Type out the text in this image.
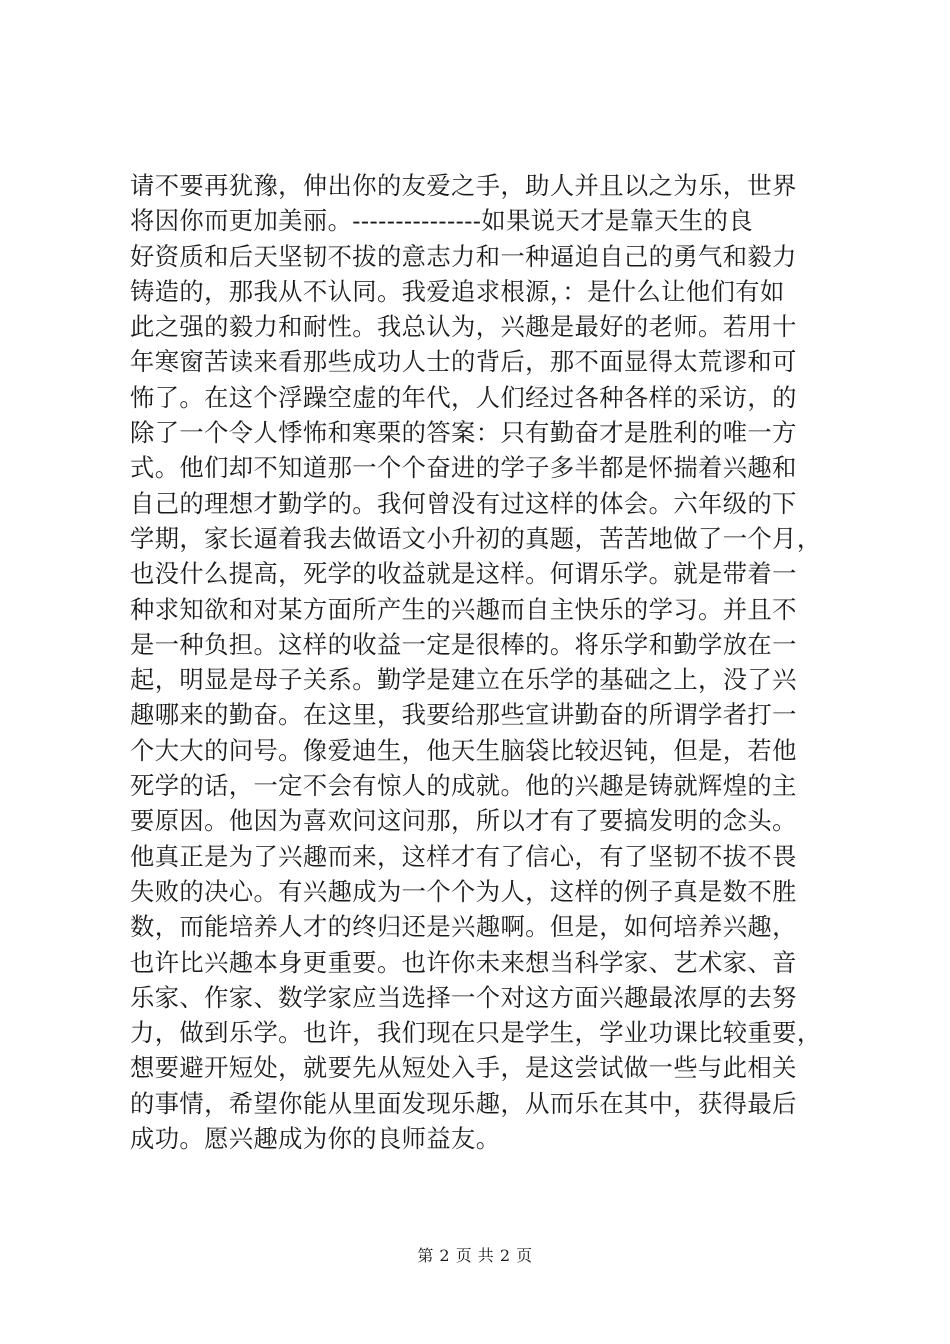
请不要再犹豫，伸出你的友爱之手，助人并且以之为乐，世界
将因你而更加美丽。---------------如果说天才是靠天生的良
好资质和后天坚韧不拔的意志力和一种逼迫自己的勇气和毅力
铸造的，那我从不认同。我爱追求根源，：是什么让他们有如
此之强的毅力和耐性。我总认为，兴趣是最好的老师。若用十
年寒窗苦读来看那些成功人士的背后，那不面显得太荒谬和可
怖了。在这个浮躁空虚的年代，人们经过各种各样的采访，的
除了一个令人悸怖和寒栗的答案：只有勤奋才是胜利的唯一方
式。他们却不知道那一个个奋进的学子多半都是怀揣着兴趣和
自己的理想才勤学的。我何曾没有过这样的体会。六年级的下
学期，家长逼着我去做语文小升初的真题，苦苦地做了一个月，
也没什么提高，死学的收益就是这样。何谓乐学。就是带着一
种求知欲和对某方面所产生的兴趣而自主快乐的学习。并且不
是一种负担。这样的收益一定是很棒的。将乐学和勤学放在一
起，明显是母子关系。勤学是建立在乐学的基础之上，没了兴
趣哪来的勤奋。在这里，我要给那些宣讲勤奋的所谓学者打一
个大大的问号。像爱迪生，他天生脑袋比较迟钝，但是，若他
死学的话，一定不会有惊人的成就。他的兴趣是铸就辉煌的主
要原因。他因为喜欢问这问那，所以才有了要搞发明的念头。
他真正是为了兴趣而来，这样才有了信心，有了坚韧不拔不畏
失败的决心。有兴趣成为一个个为人，这样的例子真是数不胜
数，而能培养人才的终归还是兴趣啊。但是，如何培养兴趣，
也许比兴趣本身更重要。也许你未来想当科学家、艺术家、音
乐家、作家、数学家应当选择一个对这方面兴趣最浓厚的去努
力，做到乐学。也许，我们现在只是学生，学业功课比较重要，
想要避开短处，就要先从短处入手，是这尝试做一些与此相关
的事情，希望你能从里面发现乐趣，从而乐在其中，获得最后
成功。愿兴趣成为你的良师益友。
第 2 页 共 2 页
